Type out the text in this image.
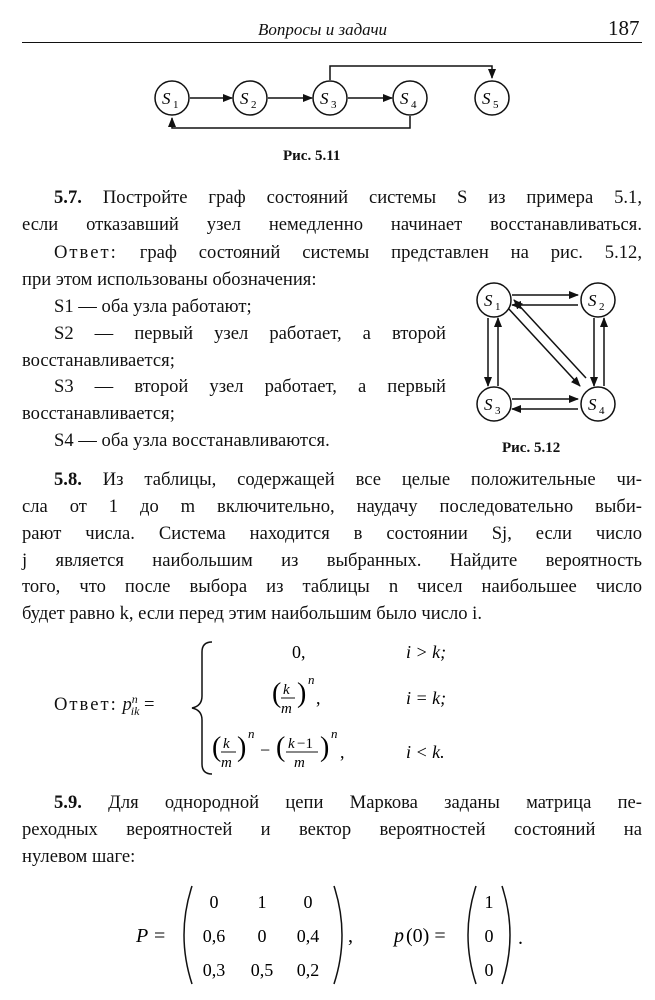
Вопросы и задачи	187
S 1	S 2	S 3	S 4	S 5
Рис. 5.11
5.7. Постройте граф состояний системы S из примера 5.1,
если отказавший узел немедленно начинает восстанавливаться.
Ответ: граф состояний системы представлен на рис. 5.12,
при этом использованы обозначения:
S1 — оба узла работают;
S2 — первый узел работает, а второй
восстанавливается;
S3 — второй узел работает, а первый
восстанавливается;
S4 — оба узла восстанавливаются.
S 1	S 2
S 3	S 4
Рис. 5.12
5.8. Из таблицы, содержащей все целые положительные чи-
сла от 1 до m включительно, наудачу последовательно выби-
рают числа. Система находится в состоянии Sj, если число
j является наибольшим из выбранных. Найдите вероятность
того, что после выбора из таблицы n чисел наибольшее число
будет равно k, если перед этим наибольшим было число i.
Ответ: $p^n_{ik}$ =
0,	i > k;
( k
m ) n
,	i = k;
( k
m ) n
− ( k −1
m ) n
,	i < k.
5.9. Для однородной цепи Маркова заданы матрица пе-
реходных вероятностей и вектор вероятностей состояний на
нулевом шаге:
P =
0 1 0
0,6 0 0,4
0,3 0,5 0,2
, p (0) =
1
0
0
.
